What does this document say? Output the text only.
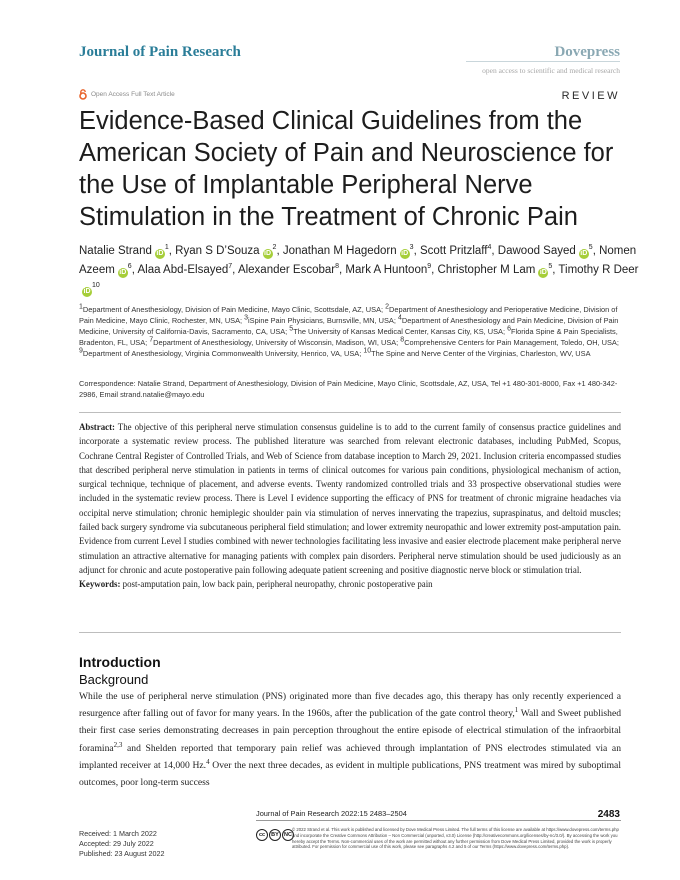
Journal of Pain Research	Dovepress
open access to scientific and medical research
Open Access Full Text Article	REVIEW
Evidence-Based Clinical Guidelines from the
American Society of Pain and Neuroscience for
the Use of Implantable Peripheral Nerve
Stimulation in the Treatment of Chronic Pain
Natalie Strand $iD^1$, Ryan S D’Souza $iD^2$, Jonathan M Hagedorn $iD^3$, Scott Pritzlaff$^4$, Dawood Sayed $iD^5$, Nomen Azeem $iD^6$, Alaa Abd-Elsayed$^7$, Alexander Escobar$^8$, Mark A Huntoon$^9$, Christopher M Lam $iD^5$, Timothy R DeeriD$^{10}$
$^1$Department of Anesthesiology, Division of Pain Medicine, Mayo Clinic, Scottsdale, AZ, USA; $^2$Department of Anesthesiology and Perioperative Medicine, Division of Pain Medicine, Mayo Clinic, Rochester, MN, USA; $^3$iSpine Pain Physicians, Burnsville, MN, USA; $^4$Department of Anesthesiology and Pain Medicine, Division of Pain Medicine, University of California-Davis, Sacramento, CA, USA; $^5$The University of Kansas Medical Center, Kansas City, KS, USA; $^6$Florida Spine & Pain Specialists, Bradenton, FL, USA; $^7$Department of Anesthesiology, University of Wisconsin, Madison, WI, USA; $^8$Comprehensive Centers for Pain Management, Toledo, OH, USA; $^9$Department of Anesthesiology, Virginia Commonwealth University, Henrico, VA, USA; $^{10}$The Spine and Nerve Center of the Virginias, Charleston, WV, USA
Correspondence: Natalie Strand, Department of Anesthesiology, Division of Pain Medicine, Mayo Clinic, Scottsdale, AZ, USA, Tel +1 480-301-8000, Fax +1 480-342-2986, Email strand.natalie@mayo.edu
Abstract: The objective of this peripheral nerve stimulation consensus guideline is to add to the current family of consensus practice guidelines and incorporate a systematic review process. The published literature was searched from relevant electronic databases, including PubMed, Scopus, Cochrane Central Register of Controlled Trials, and Web of Science from database inception to March 29, 2021. Inclusion criteria encompassed studies that described peripheral nerve stimulation in patients in terms of clinical outcomes for various pain conditions, physiological mechanism of action, surgical technique, technique of placement, and adverse events. Twenty randomized controlled trials and 33 prospective observational studies were included in the systematic review process. There is Level I evidence supporting the efficacy of PNS for treatment of chronic migraine headaches via occipital nerve stimulation; chronic hemiplegic shoulder pain via stimulation of nerves innervating the trapezius, supraspinatus, and deltoid muscles; failed back surgery syndrome via subcutaneous peripheral field stimulation; and lower extremity neuropathic and lower extremity post-amputation pain. Evidence from current Level I studies combined with newer technologies facilitating less invasive and easier electrode placement make peripheral nerve stimulation an attractive alternative for managing patients with complex pain disorders. Peripheral nerve stimulation should be used judiciously as an adjunct for chronic and acute postoperative pain following adequate patient screening and positive diagnostic nerve block or stimulation trial.
Keywords: post-amputation pain, low back pain, peripheral neuropathy, chronic postoperative pain
Introduction
Background
While the use of peripheral nerve stimulation (PNS) originated more than five decades ago, this therapy has only recently experienced a resurgence after falling out of favor for many years. In the 1960s, after the publication of the gate control theory,$^1$ Wall and Sweet published their first case series demonstrating decreases in pain perception throughout the entire episode of electrical stimulation of the infraorbital foramina$^{2,3}$ and Shelden reported that temporary pain relief was achieved through implantation of PNS electrodes stimulated via an implanted receiver at 14,000 Hz.$^4$ Over the next three decades, as evident in multiple publications, PNS treatment was mired by suboptimal outcomes, poor long-term success
Journal of Pain Research 2022:15 2483–2504	2483
Received: 1 March 2022
Accepted: 29 July 2022
Published: 23 August 2022
cc	BY NC
© 2022 Strand et al. This work is published and licensed by Dove Medical Press Limited. The full terms of this license are available at https://www.dovepress.com/terms.php and incorporate the Creative Commons Attribution – Non Commercial (unported, v3.0) License (http://creativecommons.org/licenses/by-nc/3.0/). By accessing the work you hereby accept the Terms. Non-commercial uses of the work are permitted without any further permission from Dove Medical Press Limited, provided the work is properly attributed. For permission for commercial use of this work, please see paragraphs 4.2 and 5 of our Terms (https://www.dovepress.com/terms.php).
